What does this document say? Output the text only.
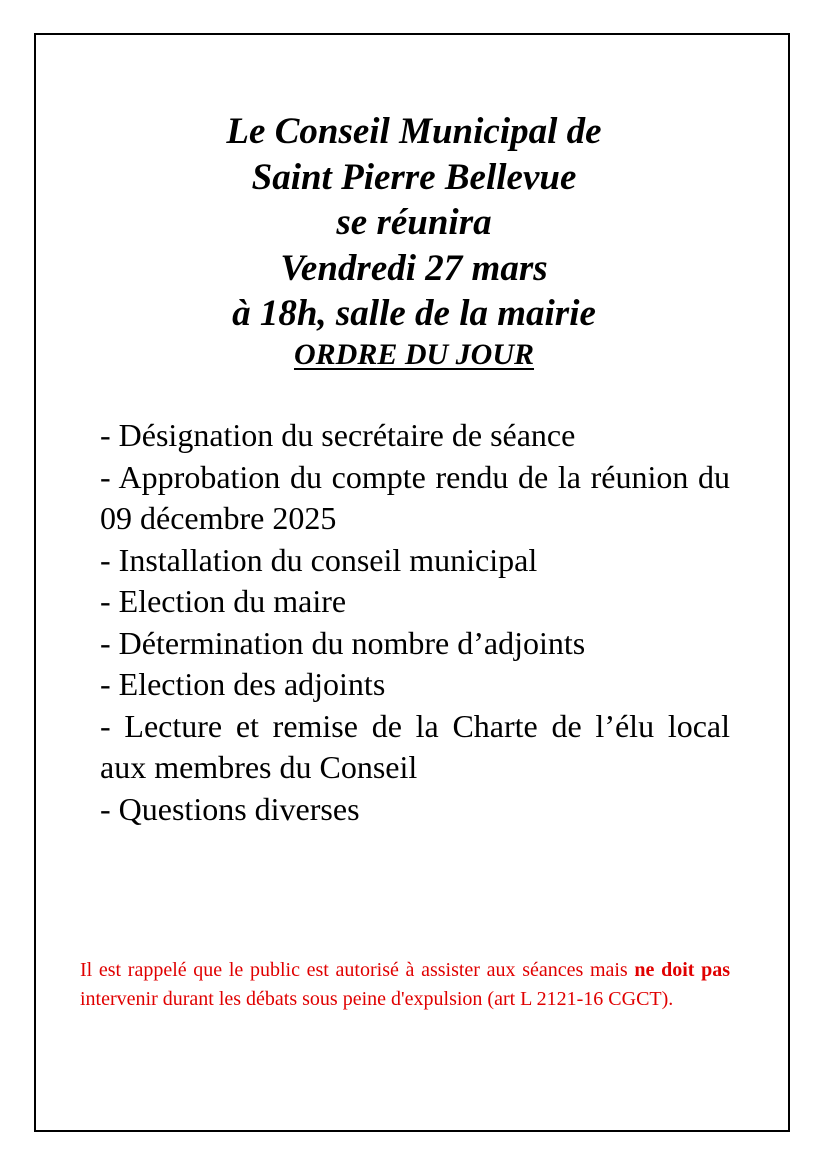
Le Conseil Municipal de
Saint Pierre Bellevue
se réunira
Vendredi 27 mars
à 18h, salle de la mairie
ORDRE DU JOUR
- Désignation du secrétaire de séance
- Approbation du compte rendu de la réunion du 09 décembre 2025
- Installation du conseil municipal
- Election du maire
- Détermination du nombre d’adjoints
- Election des adjoints
- Lecture et remise de la Charte de l’élu local aux membres du Conseil
- Questions diverses

Il est rappelé que le public est autorisé à assister aux séances mais ne doit pas intervenir durant les débats sous peine d'expulsion (art L 2121-16 CGCT).
